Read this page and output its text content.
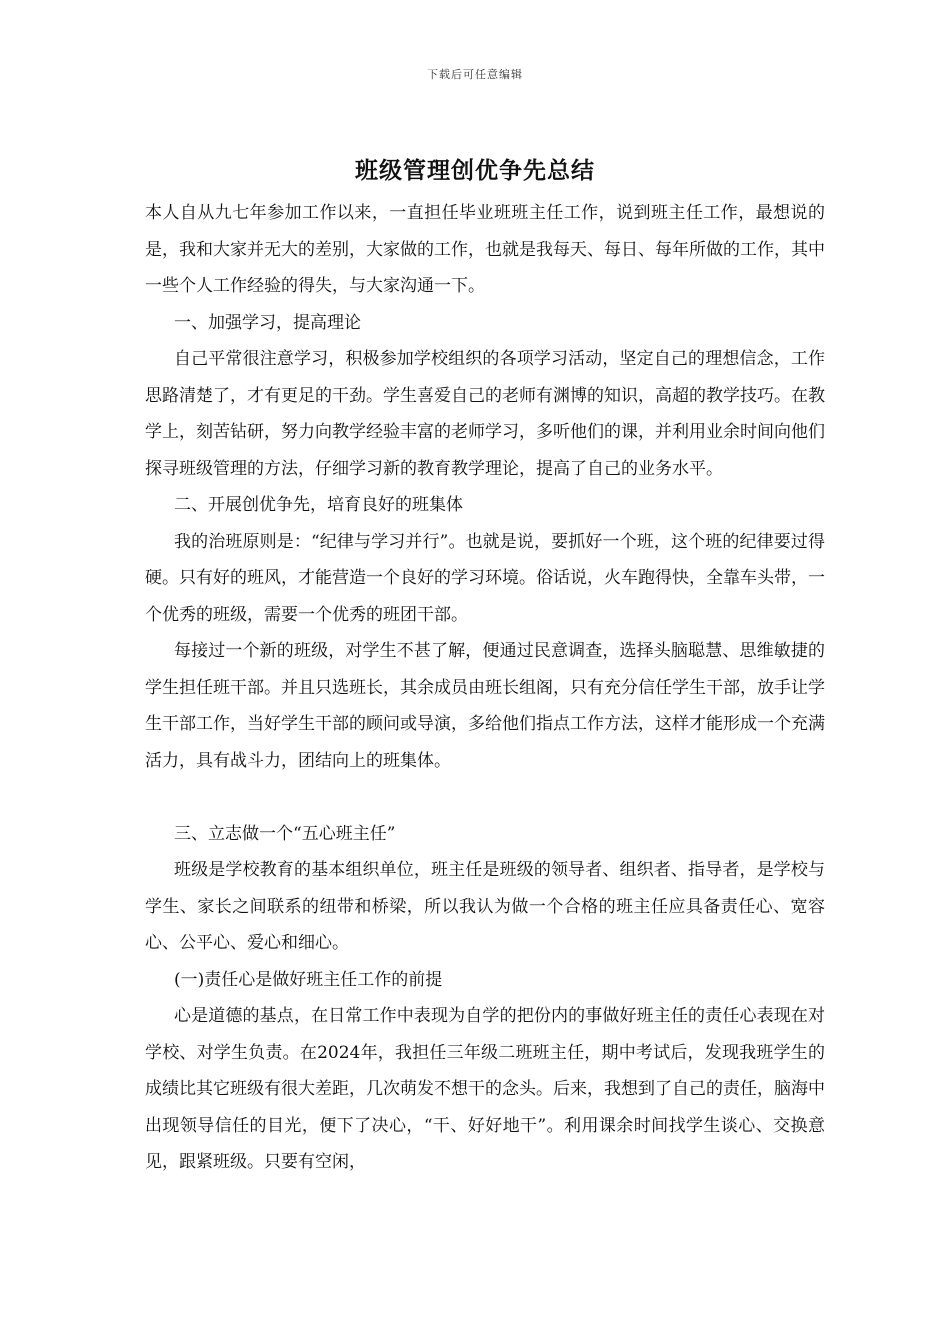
下载后可任意编辑
班级管理创优争先总结

本人自从九七年参加工作以来，一直担任毕业班班主任工作，说到班主任工作，最想说的是，我和大家并无大的差别，大家做的工作，也就是我每天、每日、每年所做的工作，其中一些个人工作经验的得失，与大家沟通一下。

一、加强学习，提高理论

自己平常很注意学习，积极参加学校组织的各项学习活动，坚定自己的理想信念，工作思路清楚了，才有更足的干劲。学生喜爱自己的老师有渊博的知识，高超的教学技巧。在教学上，刻苦钻研，努力向教学经验丰富的老师学习，多听他们的课，并利用业余时间向他们探寻班级管理的方法，仔细学习新的教育教学理论，提高了自己的业务水平。

二、开展创优争先，培育良好的班集体

我的治班原则是：“纪律与学习并行”。也就是说，要抓好一个班，这个班的纪律要过得硬。只有好的班风，才能营造一个良好的学习环境。俗话说，火车跑得快，全靠车头带，一个优秀的班级，需要一个优秀的班团干部。

每接过一个新的班级，对学生不甚了解，便通过民意调查，选择头脑聪慧、思维敏捷的学生担任班干部。并且只选班长，其余成员由班长组阁，只有充分信任学生干部，放手让学生干部工作，当好学生干部的顾问或导演，多给他们指点工作方法，这样才能形成一个充满活力，具有战斗力，团结向上的班集体。

三、立志做一个“五心班主任”

班级是学校教育的基本组织单位，班主任是班级的领导者、组织者、指导者，是学校与学生、家长之间联系的纽带和桥梁，所以我认为做一个合格的班主任应具备责任心、宽容心、公平心、爱心和细心。

(一)责任心是做好班主任工作的前提

心是道德的基点，在日常工作中表现为自学的把份内的事做好班主任的责任心表现在对学校、对学生负责。在2024年，我担任三年级二班班主任，期中考试后，发现我班学生的成绩比其它班级有很大差距，几次萌发不想干的念头。后来，我想到了自己的责任，脑海中出现领导信任的目光，便下了决心，“干、好好地干”。利用课余时间找学生谈心、交换意见，跟紧班级。只要有空闲，
